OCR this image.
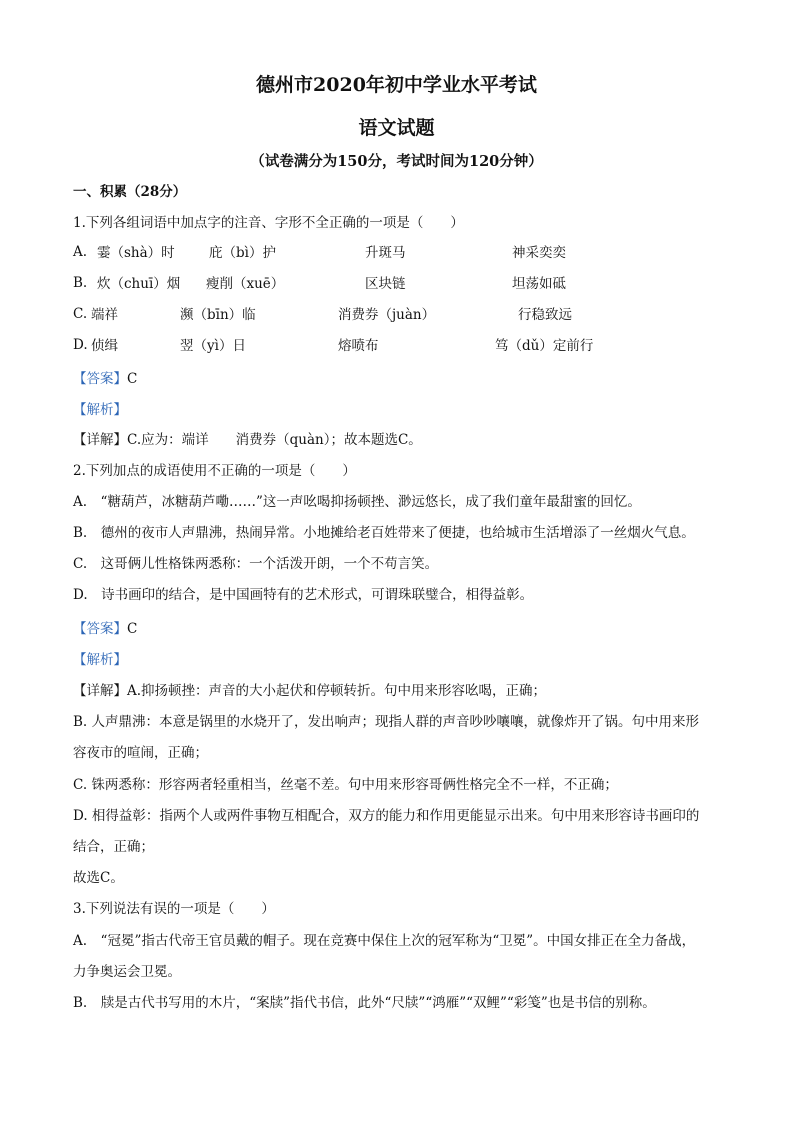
德州市2020年初中学业水平考试
语文试题
（试卷满分为150分，考试时间为120分钟）
一、积累（28分）
1.下列各组词语中加点字的注音、字形不全正确的一项是（　　）
A. 霎（shà）时	庇（bì）护	升斑马	神采奕奕
B. 炊（chuī）烟 瘦削（xuē）	区块链	坦荡如砥
C. 端祥	濒（bīn）临	消费券（juàn）	行稳致远
D. 侦缉	翌（yì）日	熔喷布	笃（dǔ）定前行
【答案】C
【解析】
【详解】C.应为：端详　　消费券（quàn）；故本题选C。
2.下列加点的成语使用不正确的一项是（　　）
A.　“糖葫芦，冰糖葫芦嘞……”这一声吆喝抑扬顿挫、渺远悠长，成了我们童年最甜蜜的回忆。
B.　德州的夜市人声鼎沸，热闹异常。小地摊给老百姓带来了便捷，也给城市生活增添了一丝烟火气息。
C.　这哥俩儿性格铢两悉称：一个活泼开朗，一个不苟言笑。
D.　诗书画印的结合，是中国画特有的艺术形式，可谓珠联璧合，相得益彰。
【答案】C
【解析】
【详解】A.抑扬顿挫：声音的大小起伏和停顿转折。句中用来形容吆喝，正确；
B. 人声鼎沸：本意是锅里的水烧开了，发出响声；现指人群的声音吵吵嚷嚷，就像炸开了锅。句中用来形
容夜市的喧闹，正确；
C. 铢两悉称：形容两者轻重相当，丝毫不差。句中用来形容哥俩性格完全不一样，不正确；
D. 相得益彰：指两个人或两件事物互相配合，双方的能力和作用更能显示出来。句中用来形容诗书画印的
结合，正确；
故选C。
3.下列说法有误的一项是（　　）
A.　“冠冕”指古代帝王官员戴的帽子。现在竞赛中保住上次的冠军称为“卫冕”。中国女排正在全力备战，
力争奥运会卫冕。
B.　牍是古代书写用的木片，“案牍”指代书信，此外“尺牍”“鸿雁”“双鲤”“彩笺”也是书信的别称。
